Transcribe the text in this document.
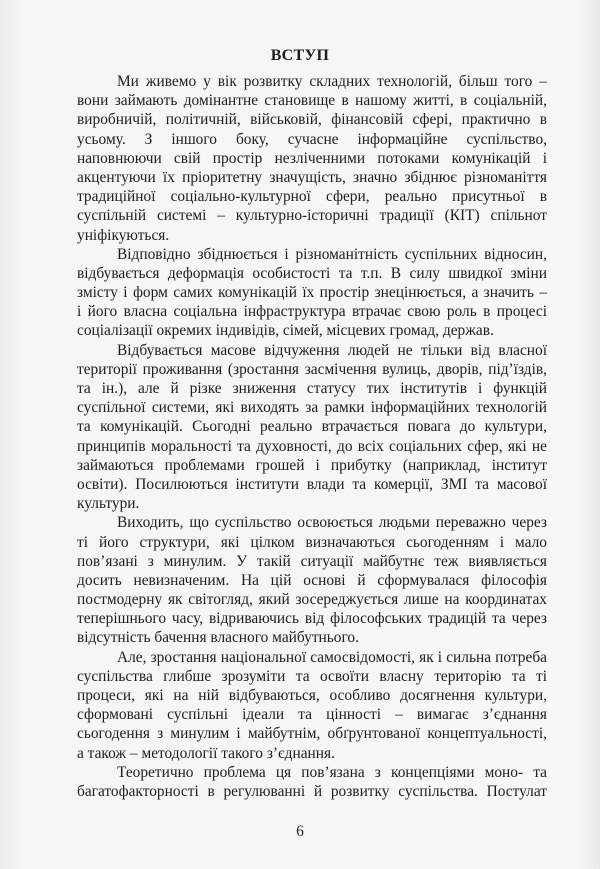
ВСТУП
Ми живемо у вік розвитку складних технологій, більш того –
вони займають домінантне становище в нашому житті, в соціальній,
виробничій, політичній, військовій, фінансовій сфері, практично в
усьому. З іншого боку, сучасне інформаційне суспільство,
наповнюючи свій простір незліченними потоками комунікацій і
акцентуючи їх пріоритетну значущість, значно збіднює різноманіття
традиційної соціально-культурної сфери, реально присутньої в
суспільній системі – культурно-історичні традиції (КІТ) спільнот
уніфікуються.
Відповідно збіднюється і різноманітність суспільних відносин,
відбувається деформація особистості та т.п. В силу швидкої зміни
змісту і форм самих комунікацій їх простір знецінюється, а значить –
і його власна соціальна інфраструктура втрачає свою роль в процесі
соціалізації окремих індивідів, сімей, місцевих громад, держав.
Відбувається масове відчуження людей не тільки від власної
території проживання (зростання засмічення вулиць, дворів, під’їздів,
та ін.), але й різке зниження статусу тих інститутів і функцій
суспільної системи, які виходять за рамки інформаційних технологій
та комунікацій. Сьогодні реально втрачається повага до культури,
принципів моральності та духовності, до всіх соціальних сфер, які не
займаються проблемами грошей і прибутку (наприклад, інститут
освіти). Посилюються інститути влади та комерції, ЗМІ та масової
культури.
Виходить, що суспільство освоюється людьми переважно через
ті його структури, які цілком визначаються сьогоденням і мало
пов’язані з минулим. У такій ситуації майбутнє теж виявляється
досить невизначеним. На цій основі й сформувалася філософія
постмодерну як світогляд, який зосереджується лише на координатах
теперішнього часу, відриваючись від філософських традицій та через
відсутність бачення власного майбутнього.
Але, зростання національної самосвідомості, як і сильна потреба
суспільства глибше зрозуміти та освоїти власну територію та ті
процеси, які на ній відбуваються, особливо досягнення культури,
сформовані суспільні ідеали та цінності – вимагає з’єднання
сьогодення з минулим і майбутнім, обґрунтованої концептуальності,
а також – методології такого з’єднання.
Теоретично проблема ця пов’язана з концепціями моно- та
багатофакторності в регулюванні й розвитку суспільства. Постулат
6
